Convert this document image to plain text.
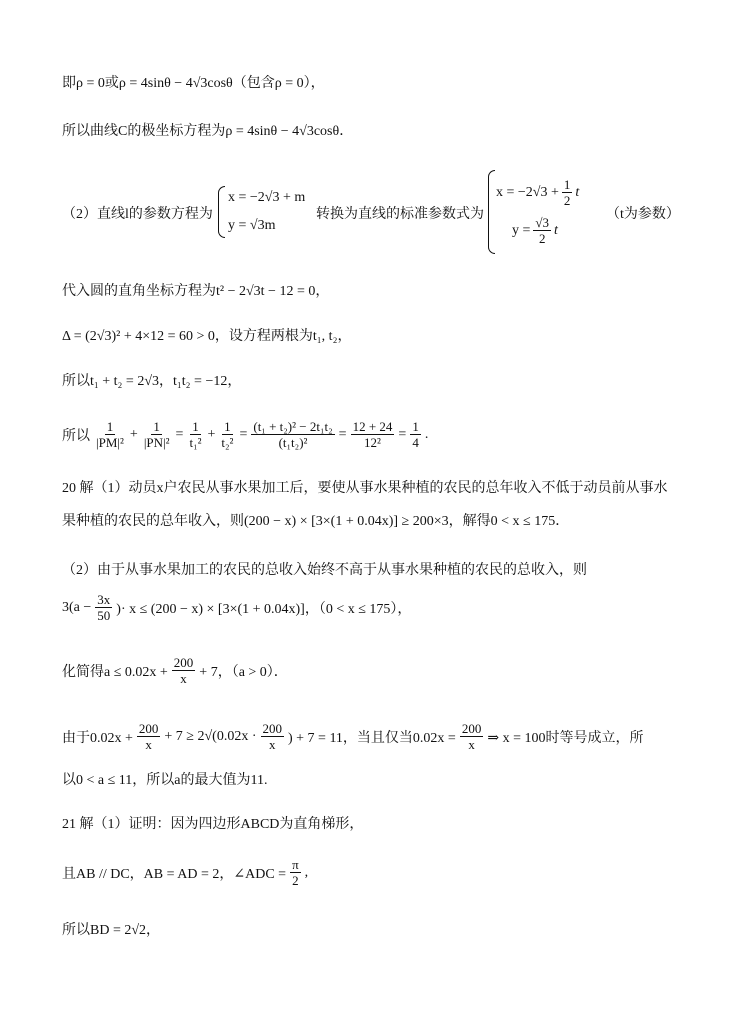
即ρ = 0或ρ = 4sinθ − 4√3cosθ（包含ρ = 0），
所以曲线C的极坐标方程为ρ = 4sinθ − 4√3cosθ．
（2）直线l的参数方程为
x = −2√3 + m
y = √3m
转换为直线的标准参数式为
$x = -2√3 + \frac{1}{2}$ t
$y = \frac{√3}{2}$ t
（t为参数）
代入圆的直角坐标方程为t² − 2√3t − 12 = 0，
Δ = (2√3)² + 4×12 = 60 > 0，设方程两根为t₁, t₂，
所以t₁ + t₂ = 2√3，t₁t₂ = −12，
所以 $\frac{1}{\text{|PM|²}} + \frac{1}{\text{|PN|²}} = \frac{1}{\text{t₁²}} + \frac{1}{\text{t₂²}} = \frac{\text{(t₁ + t₂)² − 2t₁t₂}}{\text{(t₁t₂)²}} = \frac{12 + 24}{\text{12²}} = \frac{1}{4}$ .
20 解（1）动员x户农民从事水果加工后，要使从事水果种植的农民的总年收入不低于动员前从事水
果种植的农民的总年收入，则(200 − x) × [3×(1 + 0.04x)] ≥ 200×3，解得0 < x ≤ 175．
（2）由于从事水果加工的农民的总收入始终不高于从事水果种植的农民的总收入，则
$3(a - \frac{3x}{50}$ )· x ≤ (200 − x) × [3×(1 + 0.04x)]，（0 < x ≤ 175），
化简得$a \le 0.02x + \frac{200}{x} + 7$，（a > 0）．
由于$0.02x + \frac{200}{x} + 7 \ge 2√(0.02x \cdot \frac{200}{x}$ ) + 7 = 11，当且仅当$0.02x = \frac{200}{x}$ ⇒ x = 100时等号成立，所
以0 < a ≤ 11，所以a的最大值为11.
21 解（1）证明：因为四边形ABCD为直角梯形，
且AB // DC，AB = AD = 2，∠ADC = $\frac{\pi}{2}$ ,
所以BD = 2√2，
